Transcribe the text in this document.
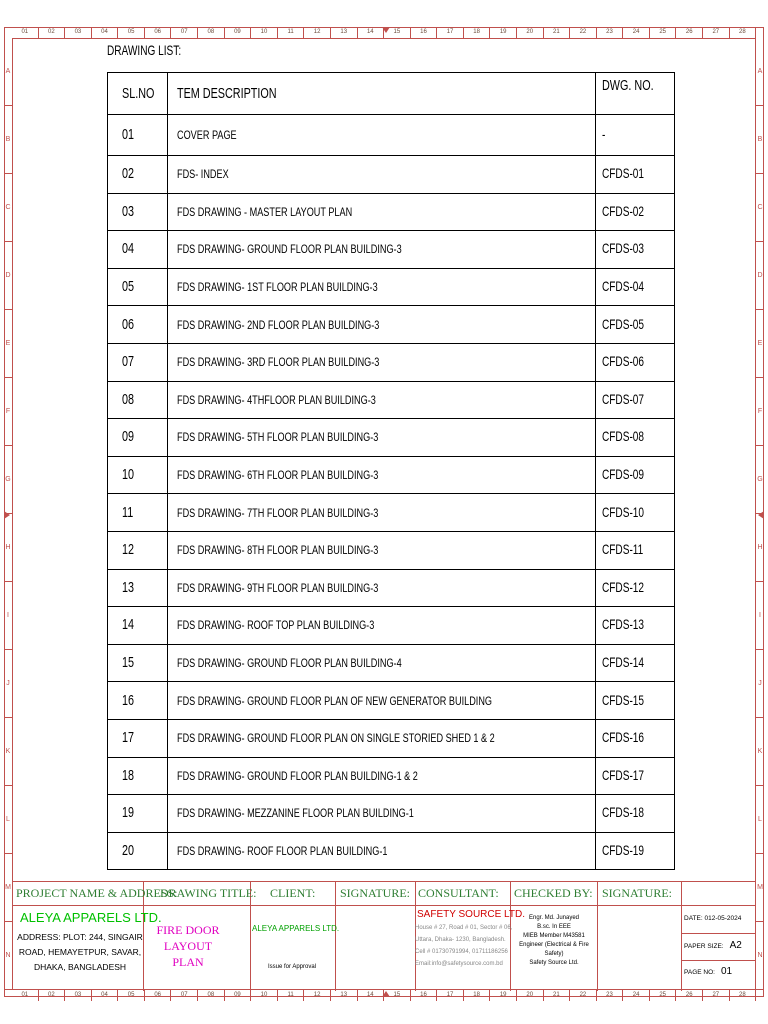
01	02	03	04	05	06	07	08	09	10	11	12	13	14	15	16	17	18	19	20	21	22	23	24	25	26	27	28
01	02	03	04	05	06	07	08	09	10	11	12	13	14	15	16	17	18	19	20	21	22	23	24	25	26	27	28
A
B
C
D
E
F
G
H
I
J
K
L
M
N
A
B
C
D
E
F
G
H
I
J
K
L
M
N
DRAWING LIST:
SL.NO	TEM DESCRIPTION	DWG. NO.
01	COVER PAGE	-
02	FDS- INDEX	CFDS-01
03	FDS DRAWING - MASTER LAYOUT PLAN	CFDS-02
04	FDS DRAWING- GROUND FLOOR PLAN BUILDING-3	CFDS-03
05	FDS DRAWING- 1ST FLOOR PLAN BUILDING-3	CFDS-04
06	FDS DRAWING- 2ND FLOOR PLAN BUILDING-3	CFDS-05
07	FDS DRAWING- 3RD FLOOR PLAN BUILDING-3	CFDS-06
08	FDS DRAWING- 4THFLOOR PLAN BUILDING-3	CFDS-07
09	FDS DRAWING- 5TH FLOOR PLAN BUILDING-3	CFDS-08
10	FDS DRAWING- 6TH FLOOR PLAN BUILDING-3	CFDS-09
11	FDS DRAWING- 7TH FLOOR PLAN BUILDING-3	CFDS-10
12	FDS DRAWING- 8TH FLOOR PLAN BUILDING-3	CFDS-11
13	FDS DRAWING- 9TH FLOOR PLAN BUILDING-3	CFDS-12
14	FDS DRAWING- ROOF TOP PLAN BUILDING-3	CFDS-13
15	FDS DRAWING- GROUND FLOOR PLAN BUILDING-4	CFDS-14
16	FDS DRAWING- GROUND FLOOR PLAN OF NEW GENERATOR BUILDING	CFDS-15
17	FDS DRAWING- GROUND FLOOR PLAN ON SINGLE STORIED SHED 1 & 2	CFDS-16
18	FDS DRAWING- GROUND FLOOR PLAN BUILDING-1 & 2	CFDS-17
19	FDS DRAWING- MEZZANINE FLOOR PLAN BUILDING-1	CFDS-18
20	FDS DRAWING- ROOF FLOOR PLAN BUILDING-1	CFDS-19
PROJECT NAME & ADDRESS:
DRAWING TITLE: CLIENT: SIGNATURE: CONSULTANT: CHECKED BY: SIGNATURE:
ALEYA APPARELS LTD.
ADDRESS: PLOT: 244, SINGAIR ROAD, HEMAYETPUR, SAVAR, DHAKA, BANGLADESH
FIRE DOOR LAYOUT PLAN
ALEYA APPARELS LTD.
Issue for Approval
SAFETY SOURCE LTD.
House # 27, Road # 01, Sector # 06,
Uttara, Dhaka- 1230, Bangladesh.
Cell # 01730791994, 01711186256
Email:info@safetysource.com.bd
Engr. Md. Junayed
B.sc. In EEE
MIEB Member M43581
Engineer (Electrical & Fire Safety)
Safety Source Ltd.
DATE: 012-05-2024
PAPER SIZE: A2
PAGE NO: 01
